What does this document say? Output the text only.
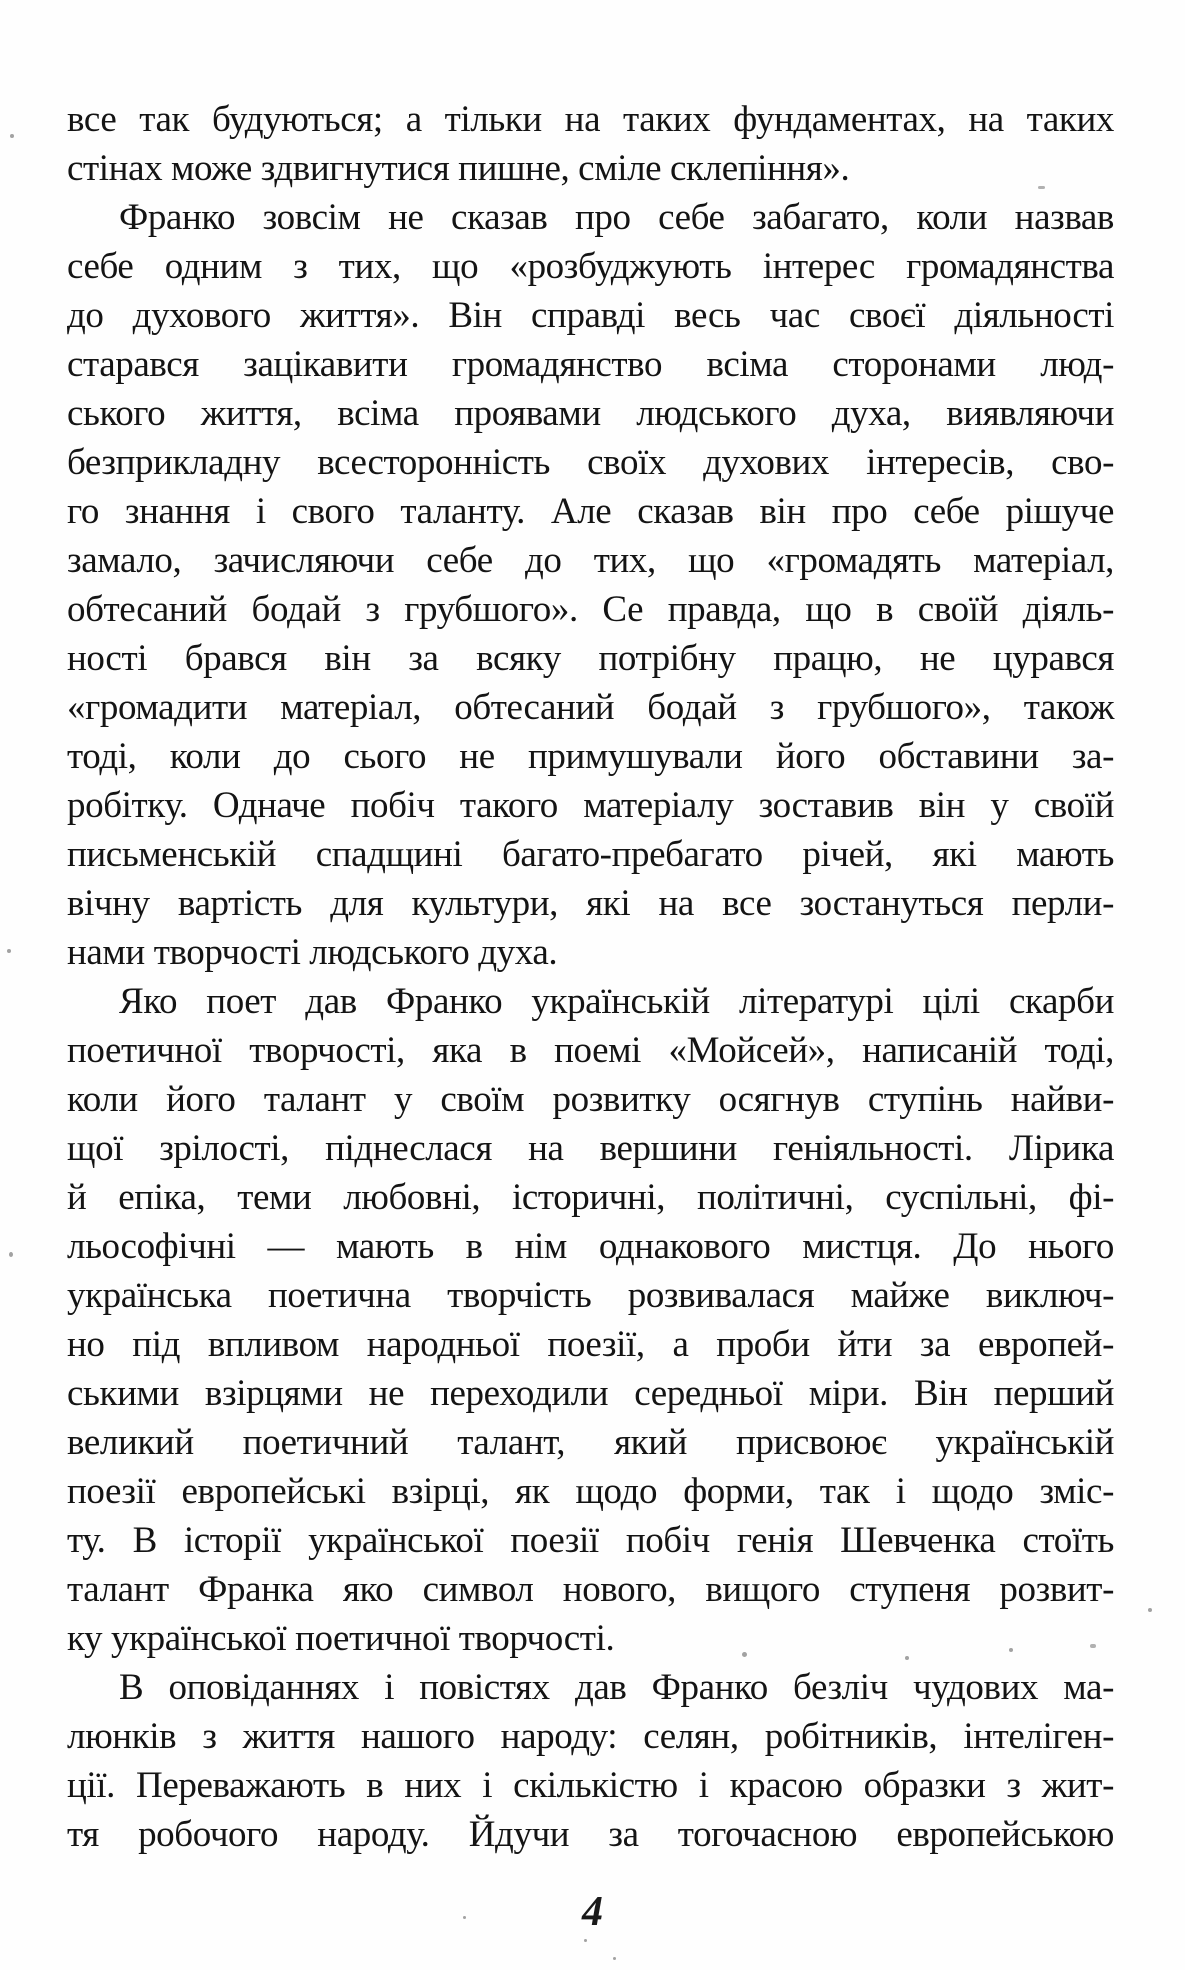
все так будуються; а тільки на таких фундаментах, на таких
стінах може здвигнутися пишне, сміле склепіння».
Франко зовсім не сказав про себе забагато, коли назвав
себе одним з тих, що «розбуджують інтерес громадянства
до духового життя». Він справді весь час своєї діяльності
старався зацікавити громадянство всіма сторонами люд-
ського життя, всіма проявами людського духа, виявляючи
безприкладну всесторонність своїх духових інтересів, сво-
го знання і свого таланту. Але сказав він про себе рішуче
замало, зачисляючи себе до тих, що «громадять матеріал,
обтесаний бодай з грубшого». Се правда, що в своїй діяль-
ності брався він за всяку потрібну працю, не цурався
«громадити матеріал, обтесаний бодай з грубшого», також
тоді, коли до сього не примушували його обставини за-
робітку. Одначе побіч такого матеріалу зоставив він у своїй
письменській спадщині багато-пребагато річей, які мають
вічну вартість для культури, які на все зостануться перли-
нами творчості людського духа.
Яко поет дав Франко українській літературі цілі скарби
поетичної творчості, яка в поемі «Мойсей», написаній тоді,
коли його талант у своїм розвитку осягнув ступінь найви-
щої зрілості, піднеслася на вершини геніяльності. Лірика
й епіка, теми любовні, історичні, політичні, суспільні, фі-
льософічні — мають в нім однакового мистця. До нього
українська поетична творчість розвивалася майже виключ-
но під впливом народньої поезії, а проби йти за европей-
ськими взірцями не переходили середньої міри. Він перший
великий поетичний талант, який присвоює українській
поезії европейські взірці, як щодо форми, так і щодо зміс-
ту. В історії української поезії побіч генія Шевченка стоїть
талант Франка яко символ нового, вищого ступеня розвит-
ку української поетичної творчості.
В оповіданнях і повістях дав Франко безліч чудових ма-
люнків з життя нашого народу: селян, робітників, інтеліген-
ції. Переважають в них і скількістю і красою образки з жит-
тя робочого народу. Йдучи за тогочасною европейською
4
